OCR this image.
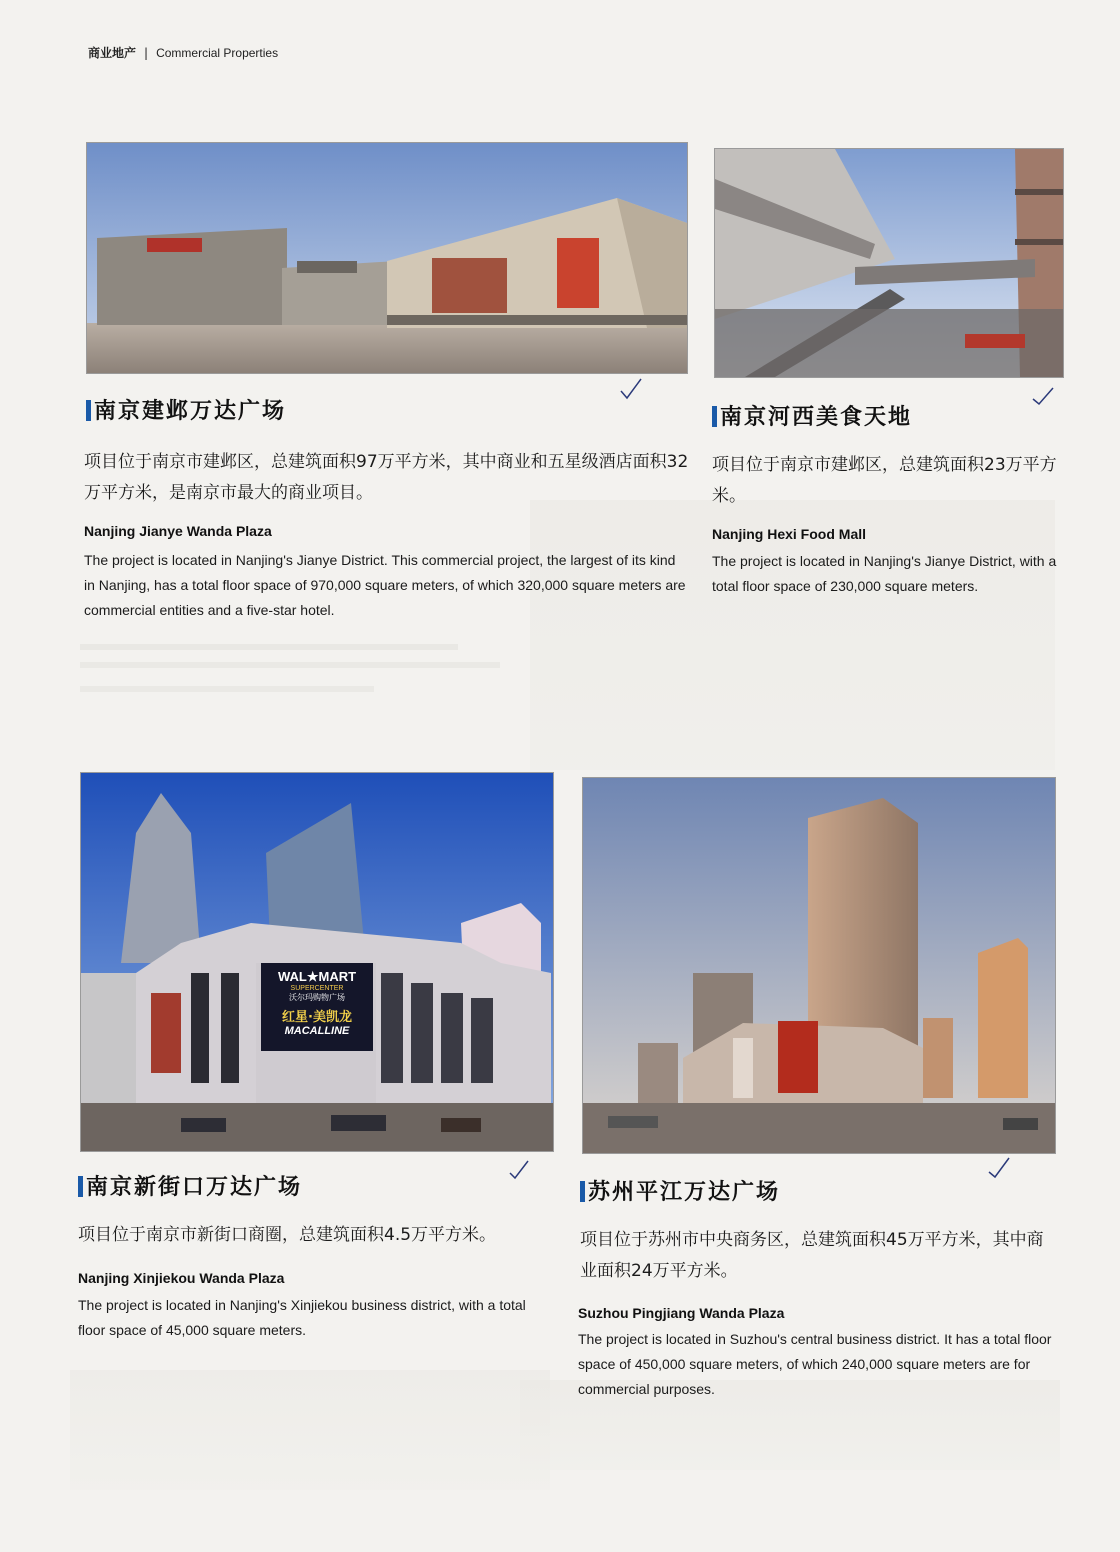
商业地产 | Commercial Properties
南京建邺万达广场
项目位于南京市建邺区，总建筑面积97万平方米，其中商业和五星级酒店面积32万平方米，是南京市最大的商业项目。
Nanjing Jianye Wanda Plaza
The project is located in Nanjing's Jianye District. This commercial project, the largest of its kind in Nanjing, has a total floor space of 970,000 square meters, of which 320,000 square meters are commercial entities and a five-star hotel.
南京河西美食天地
项目位于南京市建邺区，总建筑面积23万平方米。
Nanjing Hexi Food Mall
The project is located in Nanjing's Jianye District, with a total floor space of 230,000 square meters.
WAL★MART
SUPERCENTER
沃尔玛购物广场
红星·美凯龙
MACALLINE
南京新街口万达广场
项目位于南京市新街口商圈，总建筑面积4.5万平方米。
Nanjing Xinjiekou Wanda Plaza
The project is located in Nanjing's Xinjiekou business district, with a total floor space of 45,000 square meters.
苏州平江万达广场
项目位于苏州市中央商务区，总建筑面积45万平方米，其中商业面积24万平方米。
Suzhou Pingjiang Wanda Plaza
The project is located in Suzhou's central business district. It has a total floor space of 450,000 square meters, of which 240,000 square meters are for commercial purposes.
